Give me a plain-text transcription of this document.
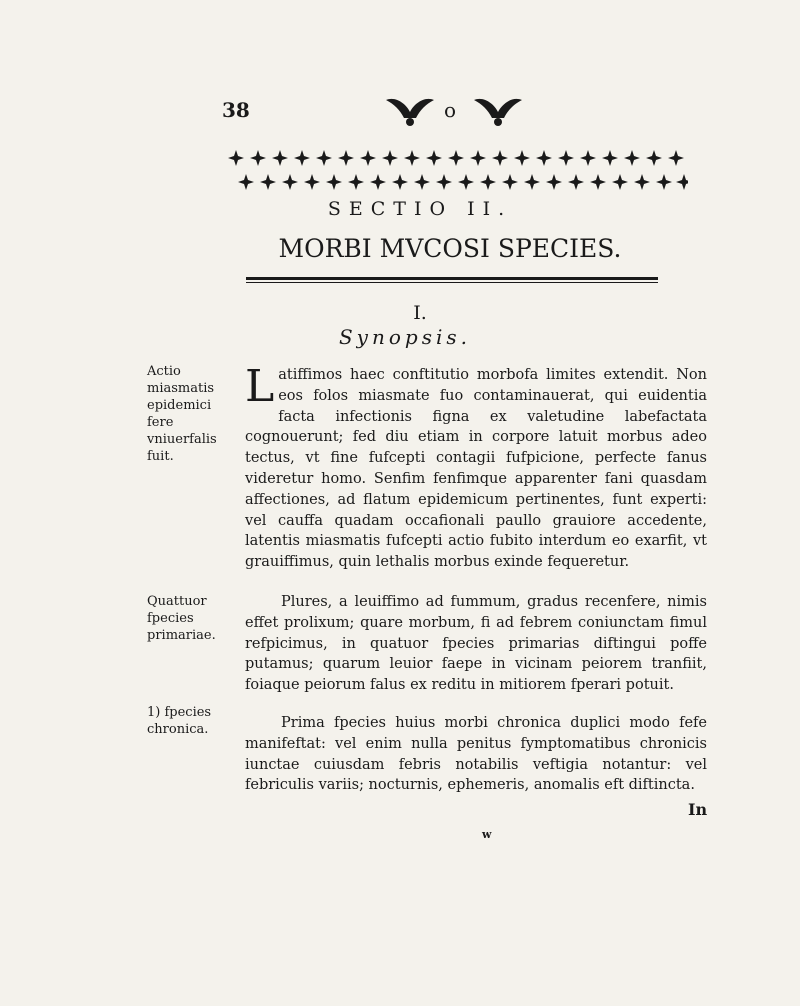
38	o
SECTIO II.
MORBI MVCOSI SPECIES.
I.
Synopsis.
Actio miasmatis epidemici fere vniuerfalis fuit.
Quattuor fpecies primariae.
1) fpecies chronica.
L atiffimos haec conftitutio morbofa limites extendit. Non eos folos miasmate fuo contaminauerat, qui euidentia facta infectionis figna ex valetudine labefactata cognouerunt; fed diu etiam in corpore latuit morbus adeo tectus, vt fine fufcepti contagii fufpicione, perfecte fanus videretur homo. Senfim fenfimque apparenter fani quasdam affectiones, ad flatum epidemicum pertinentes, funt experti: vel cauffa quadam occafionali paullo grauiore accedente, latentis miasmatis fufcepti actio fubito interdum eo exarfit, vt grauiffimus, quin lethalis morbus exinde fequeretur.
Plures, a leuiffimo ad fummum, gradus recenfere, nimis effet prolixum; quare morbum, fi ad febrem coniunctam fimul refpicimus, in quatuor fpecies primarias diftingui poffe putamus; quarum leuior faepe in vicinam peiorem tranfiit, foiaque peiorum falus ex reditu in mitiorem fperari potuit.
Prima fpecies huius morbi chronica duplici modo fefe manifeftat: vel enim nulla penitus fymptomatibus chronicis iunctae cuiusdam febris notabilis veftigia notantur: vel febriculis variis; nocturnis, ephemeris, anomalis eft diftincta.
In
w
